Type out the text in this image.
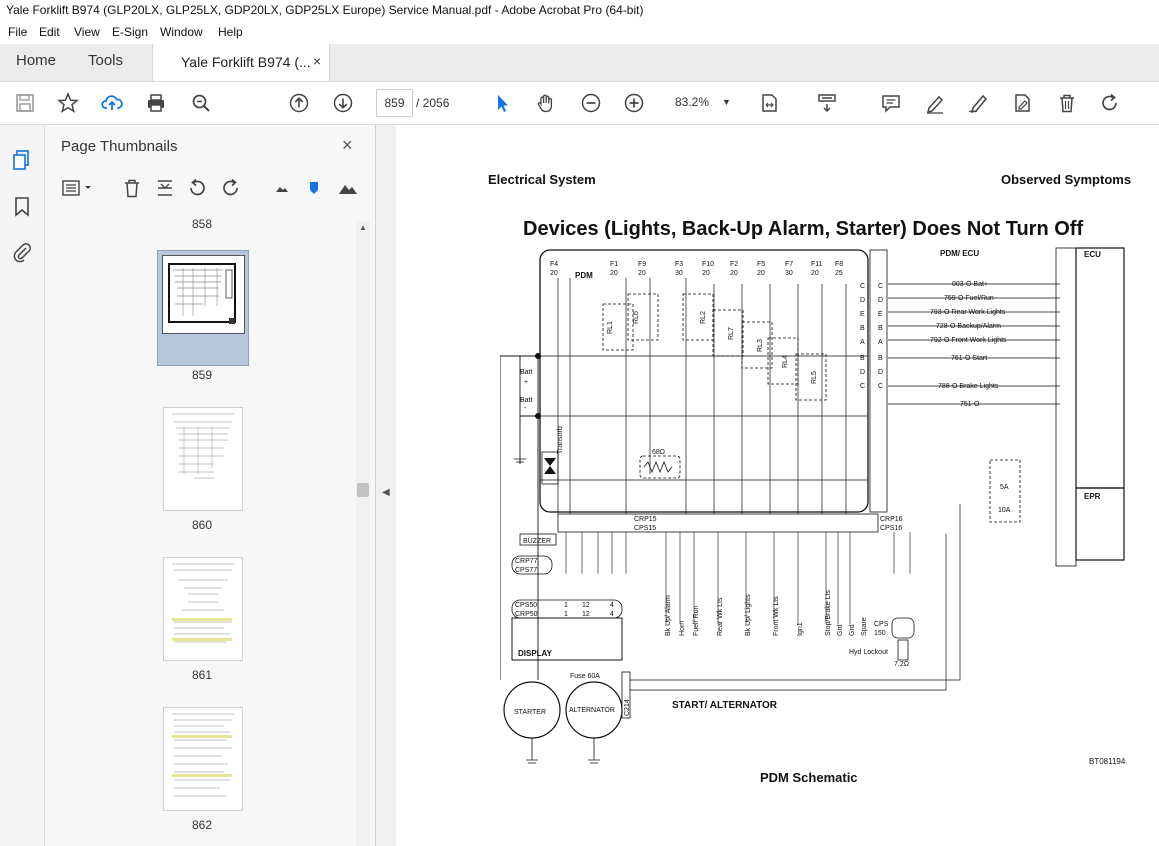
Yale Forklift B974 (GLP20LX, GLP25LX, GDP20LX, GDP25LX Europe) Service Manual.pdf - Adobe Acrobat Pro (64-bit)
File Edit View E-Sign Window Help
Home Tools	Yale Forklift B974 (... ×
859 / 2056	83.2% ▼
Page Thumbnails	×
858
859
860
861
862
▲
◀
Electrical System	Observed Symptoms
Devices (Lights, Back-Up Alarm, Starter) Does Not Turn Off
PDM
F4
20
F1
20
F9
20
F3
30
F10
20
F2
20
F5
20
F7
30
F11
20
F8
25
RL1
RL6	RL2
RL7
RL3
RL4
RL5
C C
D D
E E
B B
A A
B B
D D
C C
003-O Bat+
759-O Fuel/Run
793-O Rear Work Lights
728-O Backup/Alarm
792-O Front Work Lights
761-O Start
788-O Brake Lights
751-O
PDM/ ECU	ECU
EPR
5A
10A
Batt
+
Batt
-
Transorb	68Ω
CRP16
CPS16
CRP15
CPS15
Bk Up/ Alarm Horn Fuel/ Run Rear Wk Lts	Bk Up/ Lights	Front Wk Lts Ign1	Stop/Brake Lts Grd Grd Spare
BUZZER
CRP77
CPS77
CPS50
CRP50
1 12	4
1 12	4
DISPLAY
STARTER	ALTERNATOR
Fuse 60A
C214
CPS
150
Hyd Lockout
7.2Ω
START/ ALTERNATOR
BT081194
PDM Schematic
